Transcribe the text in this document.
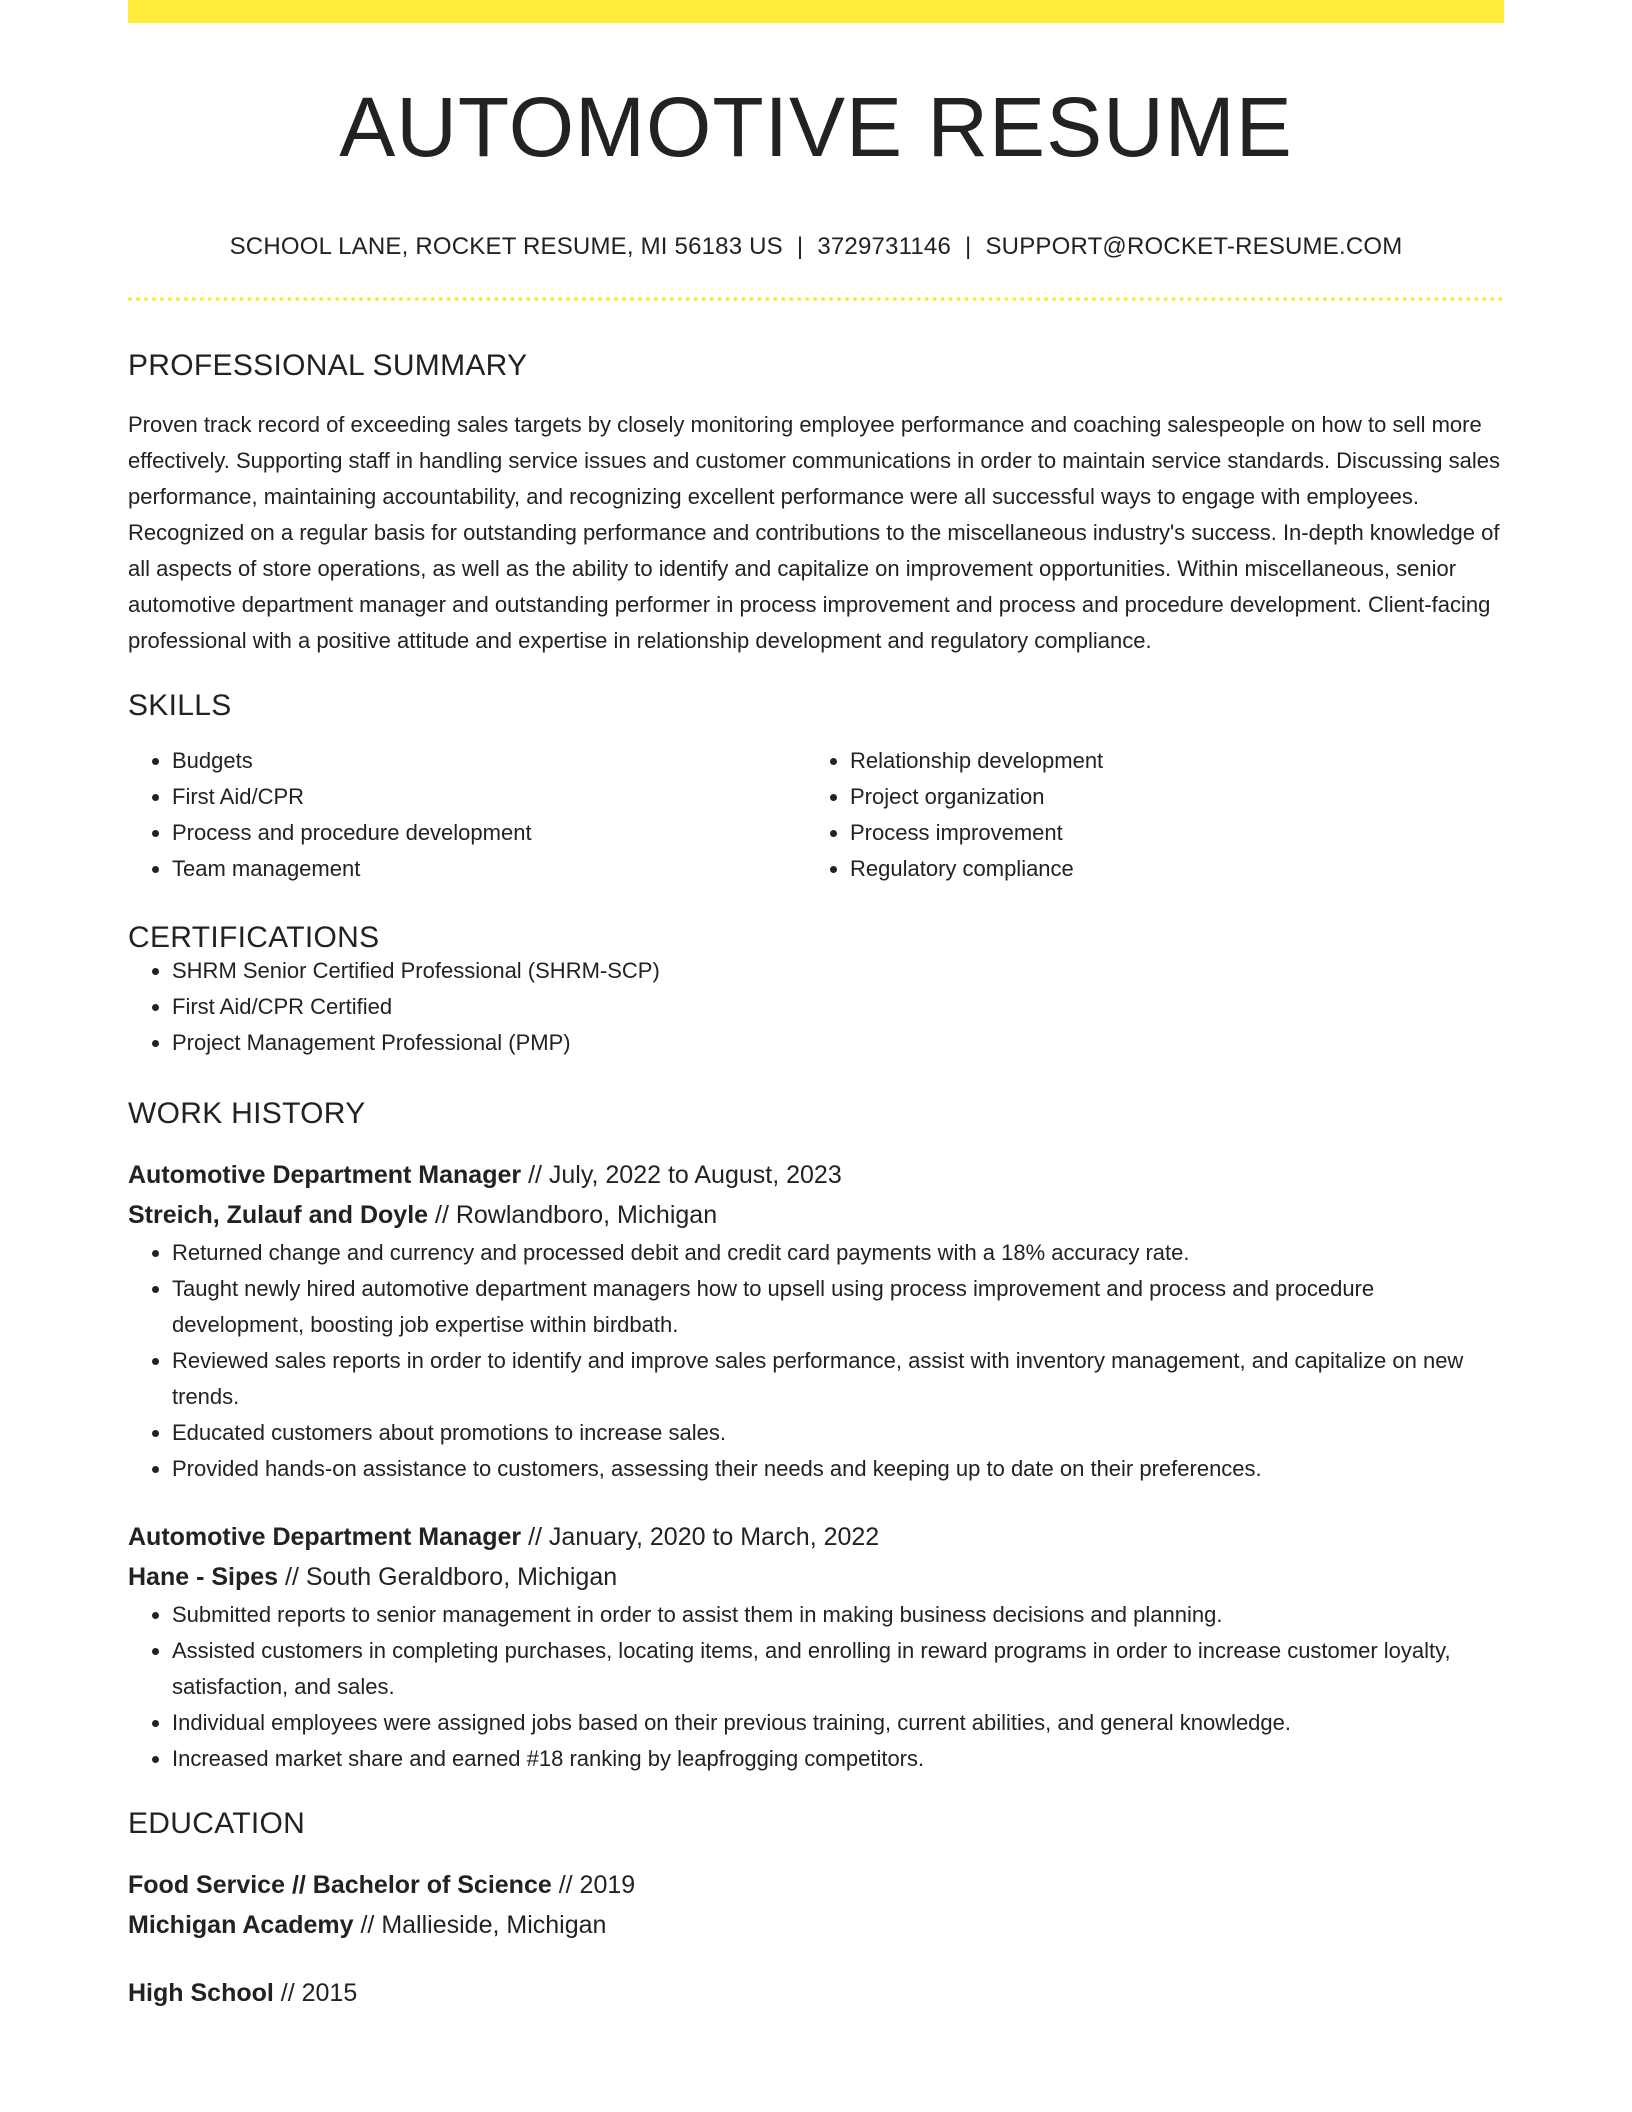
AUTOMOTIVE RESUME
SCHOOL LANE, ROCKET RESUME, MI 56183 US | 3729731146 | SUPPORT@ROCKET-RESUME.COM
PROFESSIONAL SUMMARY

Proven track record of exceeding sales targets by closely monitoring employee performance and coaching salespeople on how to sell more effectively. Supporting staff in handling service issues and customer communications in order to maintain service standards. Discussing sales performance, maintaining accountability, and recognizing excellent performance were all successful ways to engage with employees. Recognized on a regular basis for outstanding performance and contributions to the miscellaneous industry's success. In-depth knowledge of all aspects of store operations, as well as the ability to identify and capitalize on improvement opportunities. Within miscellaneous, senior automotive department manager and outstanding performer in process improvement and process and procedure development. Client-facing professional with a positive attitude and expertise in relationship development and regulatory compliance.

SKILLS
• Budgets
• First Aid/CPR
• Process and procedure development
• Team management
• Relationship development
• Project organization
• Process improvement
• Regulatory compliance
CERTIFICATIONS
• SHRM Senior Certified Professional (SHRM-SCP)
• First Aid/CPR Certified
• Project Management Professional (PMP)
WORK HISTORY
Automotive Department Manager // July, 2022 to August, 2023
Streich, Zulauf and Doyle // Rowlandboro, Michigan
• Returned change and currency and processed debit and credit card payments with a 18% accuracy rate.
• Taught newly hired automotive department managers how to upsell using process improvement and process and procedure development, boosting job expertise within birdbath.
• Reviewed sales reports in order to identify and improve sales performance, assist with inventory management, and capitalize on new trends.
• Educated customers about promotions to increase sales.
• Provided hands-on assistance to customers, assessing their needs and keeping up to date on their preferences.
Automotive Department Manager // January, 2020 to March, 2022
Hane - Sipes // South Geraldboro, Michigan
• Submitted reports to senior management in order to assist them in making business decisions and planning.
• Assisted customers in completing purchases, locating items, and enrolling in reward programs in order to increase customer loyalty, satisfaction, and sales.
• Individual employees were assigned jobs based on their previous training, current abilities, and general knowledge.
• Increased market share and earned #18 ranking by leapfrogging competitors.
EDUCATION
Food Service // Bachelor of Science // 2019
Michigan Academy // Mallieside, Michigan
High School // 2015
